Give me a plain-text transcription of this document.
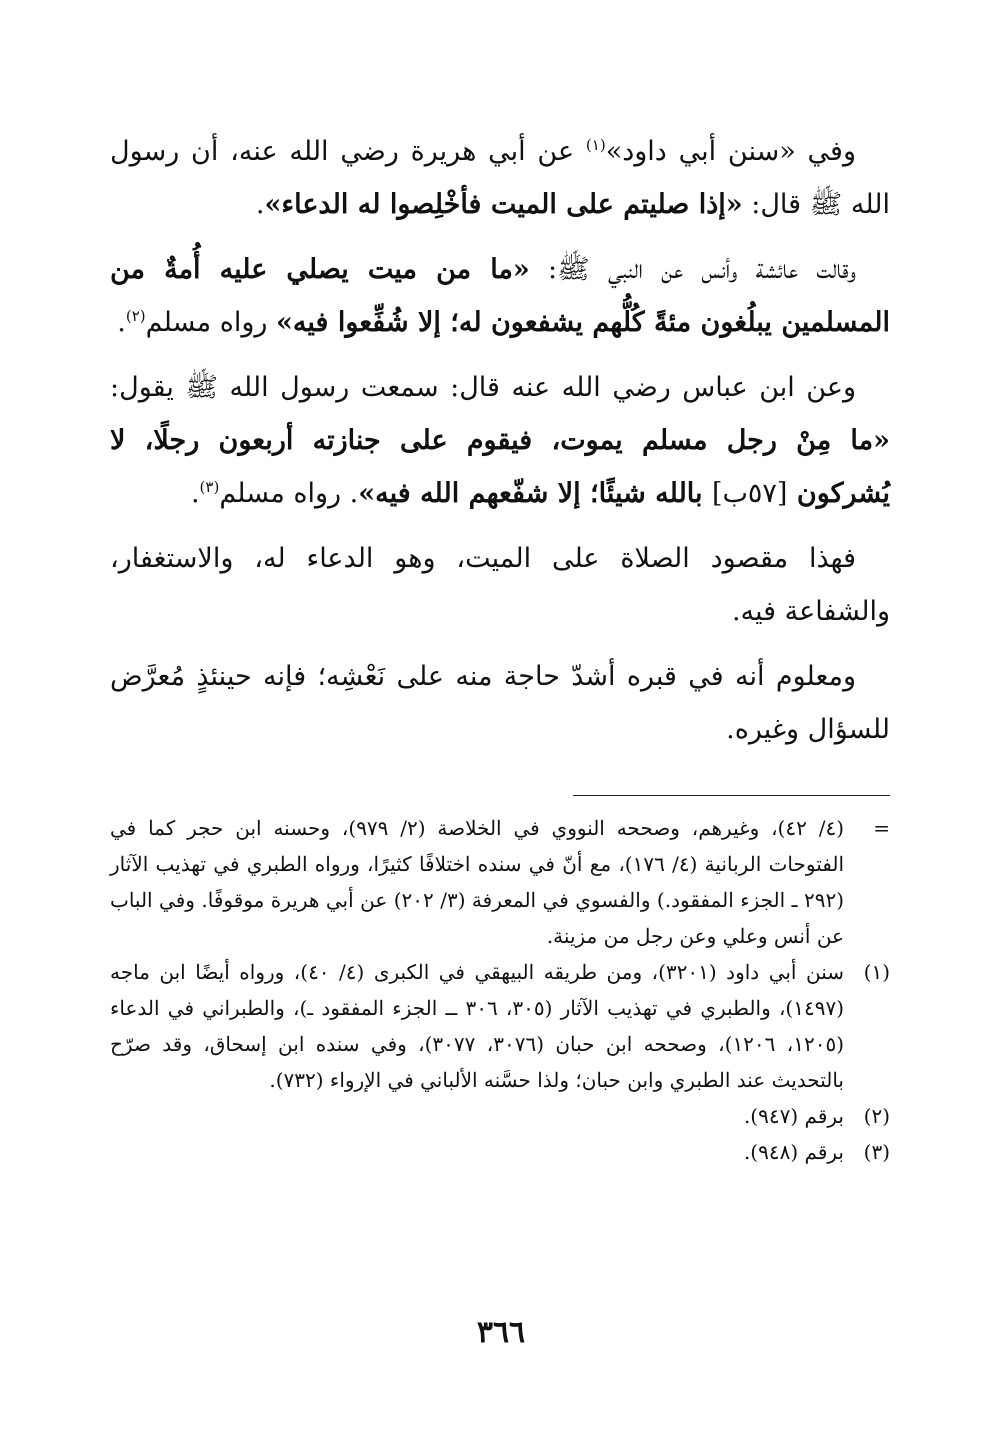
وفي «سنن أبي داود»$^{(١)}$ عن أبي هريرة رضي الله عنه، أن رسول الله ﷺ قال: «إذا صليتم على الميت فأخْلِصوا له الدعاء».

وقالت عائشة وأنس عن النبي ﷺ: «ما من ميت يصلي عليه أُمةٌ من المسلمين يبلُغون مئةً كُلُّهم يشفعون له؛ إلا شُفِّعوا فيه» رواه مسلم$^{(٢)}$.

وعن ابن عباس رضي الله عنه قال: سمعت رسول الله ﷺ يقول: «ما مِنْ رجل مسلم يموت، فيقوم على جنازته أربعون رجلًا، لا يُشركون [٥٧ب] بالله شيئًا؛ إلا شفّعهم الله فيه». رواه مسلم$^{(٣)}$.

فهذا مقصود الصلاة على الميت، وهو الدعاء له، والاستغفار، والشفاعة فيه.

ومعلوم أنه في قبره أشدّ حاجة منه على نَعْشِه؛ فإنه حينئذٍ مُعرَّض للسؤال وغيره.

=
(٤/ ٤٢)، وغيرهم، وصححه النووي في الخلاصة (٢/ ٩٧٩)، وحسنه ابن حجر كما في الفتوحات الربانية (٤/ ١٧٦)، مع أنّ في سنده اختلافًا كثيرًا، ورواه الطبري في تهذيب الآثار (٢٩٢ ـ الجزء المفقود.) والفسوي في المعرفة (٣/ ٢٠٢) عن أبي هريرة موقوفًا. وفي الباب عن أنس وعلي وعن رجل من مزينة.
(١)
سنن أبي داود (٣٢٠١)، ومن طريقه البيهقي في الكبرى (٤/ ٤٠)، ورواه أيضًا ابن ماجه (١٤٩٧)، والطبري في تهذيب الآثار (٣٠٥، ٣٠٦ ــ الجزء المفقود ـ)، والطبراني في الدعاء (١٢٠٥، ١٢٠٦)، وصححه ابن حبان (٣٠٧٦، ٣٠٧٧)، وفي سنده ابن إسحاق، وقد صرّح بالتحديث عند الطبري وابن حبان؛ ولذا حسَّنه الألباني في الإرواء (٧٣٢).
(٢)
برقم (٩٤٧).
(٣)
برقم (٩٤٨).
٣٦٦
